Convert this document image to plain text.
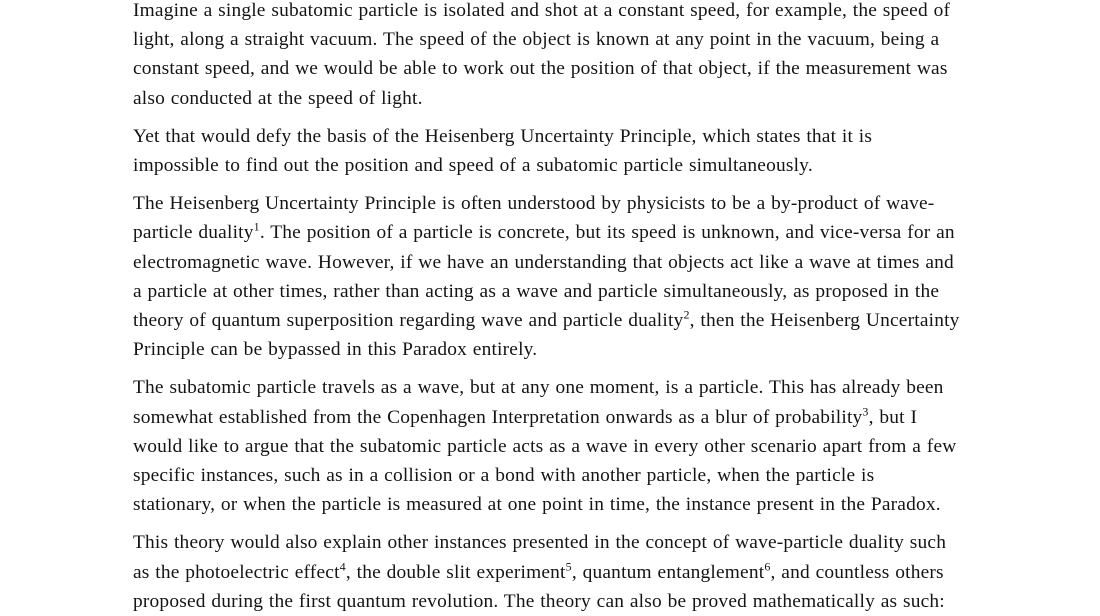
Imagine a single subatomic particle is isolated and shot at a constant speed, for example, the speed of light, along a straight vacuum. The speed of the object is known at any point in the vacuum, being a constant speed, and we would be able to work out the position of that object, if the measurement was also conducted at the speed of light.

Yet that would defy the basis of the Heisenberg Uncertainty Principle, which states that it is impossible to find out the position and speed of a subatomic particle simultaneously.

The Heisenberg Uncertainty Principle is often understood by physicists to be a by-product of wave-particle duality$^1$. The position of a particle is concrete, but its speed is unknown, and vice-versa for an electromagnetic wave. However, if we have an understanding that objects act like a wave at times and a particle at other times, rather than acting as a wave and particle simultaneously, as proposed in the theory of quantum superposition regarding wave and particle duality$^2$, then the Heisenberg Uncertainty Principle can be bypassed in this Paradox entirely.

The subatomic particle travels as a wave, but at any one moment, is a particle. This has already been somewhat established from the Copenhagen Interpretation onwards as a blur of probability$^3$, but I would like to argue that the subatomic particle acts as a wave in every other scenario apart from a few specific instances, such as in a collision or a bond with another particle, when the particle is stationary, or when the particle is measured at one point in time, the instance present in the Paradox.

This theory would also explain other instances presented in the concept of wave-particle duality such as the photoelectric effect$^4$, the double slit experiment$^5$, quantum entanglement$^6$, and countless others proposed during the first quantum revolution. The theory can also be proved mathematically as such:
